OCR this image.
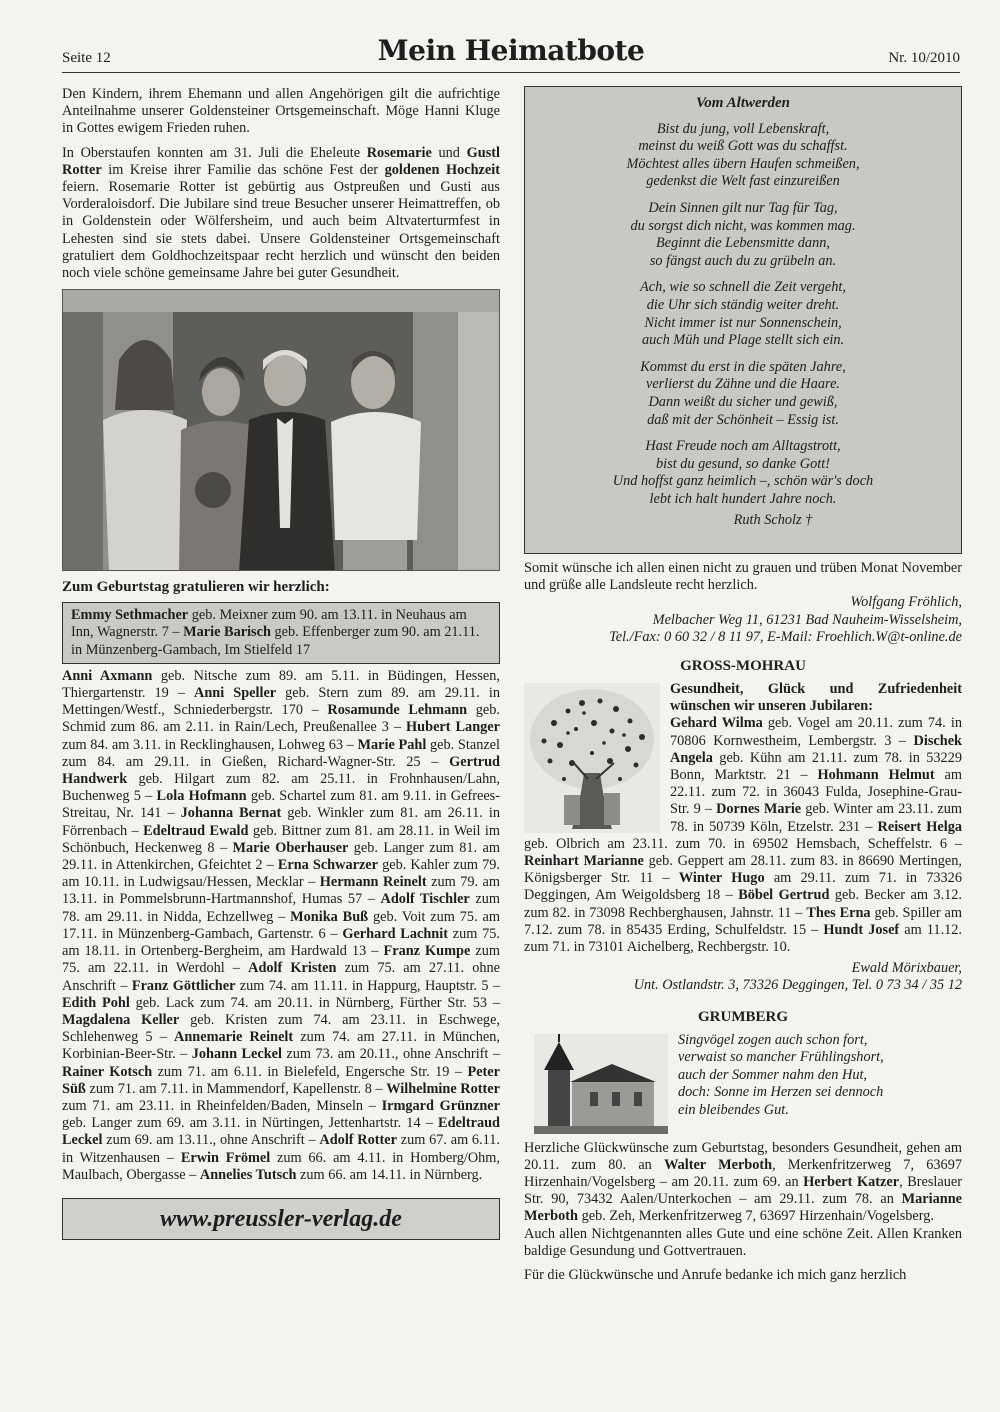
Seite 12	Mein Heimatbote	Nr. 10/2010
Den Kindern, ihrem Ehemann und allen Angehörigen gilt die aufrichtige Anteilnahme unserer Goldensteiner Ortsgemeinschaft. Möge Hanni Kluge in Gottes ewigem Frieden ruhen.
In Oberstaufen konnten am 31. Juli die Eheleute Rosemarie und Gustl Rotter im Kreise ihrer Familie das schöne Fest der goldenen Hochzeit feiern. Rosemarie Rotter ist gebürtig aus Ostpreußen und Gusti aus Vorderaloisdorf. Die Jubilare sind treue Besucher unserer Heimattreffen, ob in Goldenstein oder Wölfersheim, und auch beim Altvaterturmfest in Lehesten sind sie stets dabei. Unsere Goldensteiner Ortsgemeinschaft gratuliert dem Goldhochzeitspaar recht herzlich und wünscht den beiden noch viele schöne gemeinsame Jahre bei guter Gesundheit.
Zum Geburtstag gratulieren wir herzlich:
Emmy Sethmacher geb. Meixner zum 90. am 13.11. in Neuhaus am Inn, Wagnerstr. 7 – Marie Barisch geb. Effenberger zum 90. am 21.11. in Münzenberg-Gambach, Im Stielfeld 17
Anni Axmann geb. Nitsche zum 89. am 5.11. in Büdingen, Hessen, Thiergartenstr. 19 – Anni Speller geb. Stern zum 89. am 29.11. in Mettingen/Westf., Schniederbergstr. 170 – Rosamunde Lehmann geb. Schmid zum 86. am 2.11. in Rain/Lech, Preußenallee 3 – Hubert Langer zum 84. am 3.11. in Recklinghausen, Lohweg 63 – Marie Pahl geb. Stanzel zum 84. am 29.11. in Gießen, Richard-Wagner-Str. 25 – Gertrud Handwerk geb. Hilgart zum 82. am 25.11. in Frohnhausen/Lahn, Buchenweg 5 – Lola Hofmann geb. Schartel zum 81. am 9.11. in Gefrees-Streitau, Nr. 141 – Johanna Bernat geb. Winkler zum 81. am 26.11. in Förrenbach – Edeltraud Ewald geb. Bittner zum 81. am 28.11. in Weil im Schönbuch, Heckenweg 8 – Marie Oberhauser geb. Langer zum 81. am 29.11. in Attenkirchen, Gfeichtet 2 – Erna Schwarzer geb. Kahler zum 79. am 10.11. in Ludwigsau/Hessen, Mecklar – Hermann Reinelt zum 79. am 13.11. in Pommelsbrunn-Hartmannshof, Humas 57 – Adolf Tischler zum 78. am 29.11. in Nidda, Echzellweg – Monika Buß geb. Voit zum 75. am 17.11. in Münzenberg-Gambach, Gartenstr. 6 – Gerhard Lachnit zum 75. am 18.11. in Ortenberg-Bergheim, am Hardwald 13 – Franz Kumpe zum 75. am 22.11. in Werdohl – Adolf Kristen zum 75. am 27.11. ohne Anschrift – Franz Göttlicher zum 74. am 11.11. in Happurg, Hauptstr. 5 – Edith Pohl geb. Lack zum 74. am 20.11. in Nürnberg, Fürther Str. 53 – Magdalena Keller geb. Kristen zum 74. am 23.11. in Eschwege, Schlehenweg 5 – Annemarie Reinelt zum 74. am 27.11. in München, Korbinian-Beer-Str. – Johann Leckel zum 73. am 20.11., ohne Anschrift – Rainer Kotsch zum 71. am 6.11. in Bielefeld, Engersche Str. 19 – Peter Süß zum 71. am 7.11. in Mammendorf, Kapellenstr. 8 – Wilhelmine Rotter zum 71. am 23.11. in Rheinfelden/Baden, Minseln – Irmgard Grünzner geb. Langer zum 69. am 3.11. in Nürtingen, Jettenhartstr. 14 – Edeltraud Leckel zum 69. am 13.11., ohne Anschrift – Adolf Rotter zum 67. am 6.11. in Witzenhausen – Erwin Frömel zum 66. am 4.11. in Homberg/Ohm, Maulbach, Obergasse – Annelies Tutsch zum 66. am 14.11. in Nürnberg.
www.preussler-verlag.de
Vom Altwerden
Bist du jung, voll Lebenskraft,
meinst du weiß Gott was du schaffst.
Möchtest alles übern Haufen schmeißen,
gedenkst die Welt fast einzureißen
Dein Sinnen gilt nur Tag für Tag,
du sorgst dich nicht, was kommen mag.
Beginnt die Lebensmitte dann,
so fängst auch du zu grübeln an.
Ach, wie so schnell die Zeit vergeht,
die Uhr sich ständig weiter dreht.
Nicht immer ist nur Sonnenschein,
auch Müh und Plage stellt sich ein.
Kommst du erst in die späten Jahre,
verlierst du Zähne und die Haare.
Dann weißt du sicher und gewiß,
daß mit der Schönheit – Essig ist.
Hast Freude noch am Alltagstrott,
bist du gesund, so danke Gott!
Und hoffst ganz heimlich –, schön wär's doch
lebt ich halt hundert Jahre noch.
Ruth Scholz †
Somit wünsche ich allen einen nicht zu grauen und trüben Monat November und grüße alle Landsleute recht herzlich.
Wolfgang Fröhlich,
Melbacher Weg 11, 61231 Bad Nauheim-Wisselsheim,
Tel./Fax: 0 60 32 / 8 11 97, E-Mail: Froehlich.W@t-online.de
GROSS-MOHRAU
Gesundheit, Glück und Zufriedenheit wünschen wir unseren Jubilaren:
Gehard Wilma geb. Vogel am 20.11. zum 74. in 70806 Kornwestheim, Lembergstr. 3 – Dischek Angela geb. Kühn am 21.11. zum 78. in 53229 Bonn, Marktstr. 21 – Hohmann Helmut am 22.11. zum 72. in 36043 Fulda, Josephine-Grau-Str. 9 – Dornes Marie geb. Winter am 23.11. zum 78. in 50739 Köln, Etzelstr. 231 – Reisert Helga geb. Olbrich am 23.11. zum 70. in 69502 Hemsbach, Scheffelstr. 6 – Reinhart Marianne geb. Geppert am 28.11. zum 83. in 86690 Mertingen, Königsberger Str. 11 – Winter Hugo am 29.11. zum 71. in 73326 Deggingen, Am Weigoldsberg 18 – Böbel Gertrud geb. Becker am 3.12. zum 82. in 73098 Rechberghausen, Jahnstr. 11 – Thes Erna geb. Spiller am 7.12. zum 78. in 85435 Erding, Schulfeldstr. 15 – Hundt Josef am 11.12. zum 71. in 73101 Aichelberg, Rechbergstr. 10.
Ewald Mörixbauer,
Unt. Ostlandstr. 3, 73326 Deggingen, Tel. 0 73 34 / 35 12
GRUMBERG
Singvögel zogen auch schon fort,
verwaist so mancher Frühlingshort,
auch der Sommer nahm den Hut,
doch: Sonne im Herzen sei dennoch
ein bleibendes Gut.
Herzliche Glückwünsche zum Geburtstag, besonders Gesundheit, gehen am 20.11. zum 80. an Walter Merboth, Merkenfritzerweg 7, 63697 Hirzenhain/Vogelsberg – am 20.11. zum 69. an Herbert Katzer, Breslauer Str. 90, 73432 Aalen/Unterkochen – am 29.11. zum 78. an Marianne Merboth geb. Zeh, Merkenfritzerweg 7, 63697 Hirzenhain/Vogelsberg.
Auch allen Nichtgenannten alles Gute und eine schöne Zeit. Allen Kranken baldige Gesundung und Gottvertrauen.
Für die Glückwünsche und Anrufe bedanke ich mich ganz herzlich
